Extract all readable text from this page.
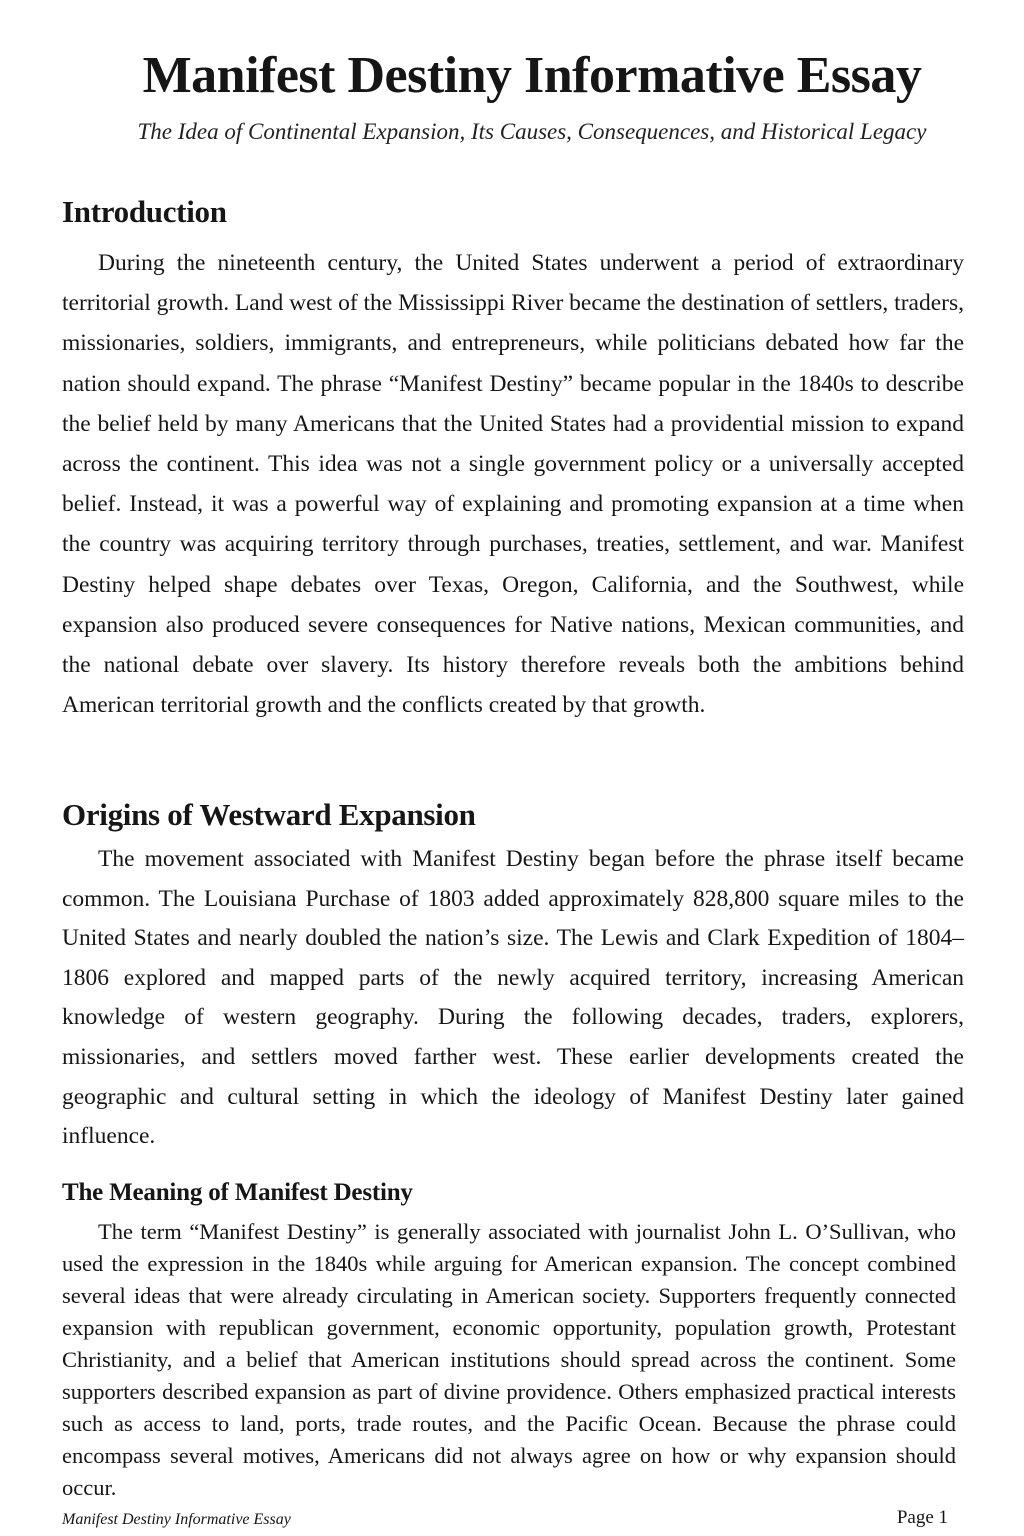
Manifest Destiny Informative Essay

The Idea of Continental Expansion, Its Causes, Consequences, and Historical Legacy

Introduction

During the nineteenth century, the United States underwent a period of extraordinary territorial growth. Land west of the Mississippi River became the destination of settlers, traders, missionaries, soldiers, immigrants, and entrepreneurs, while politicians debated how far the nation should expand. The phrase “Manifest Destiny” became popular in the 1840s to describe the belief held by many Americans that the United States had a providential mission to expand across the continent. This idea was not a single government policy or a universally accepted belief. Instead, it was a powerful way of explaining and promoting expansion at a time when the country was acquiring territory through purchases, treaties, settlement, and war. Manifest Destiny helped shape debates over Texas, Oregon, California, and the Southwest, while expansion also produced severe consequences for Native nations, Mexican communities, and the national debate over slavery. Its history therefore reveals both the ambitions behind American territorial growth and the conflicts created by that growth.

Origins of Westward Expansion

The movement associated with Manifest Destiny began before the phrase itself became common. The Louisiana Purchase of 1803 added approximately 828,800 square miles to the United States and nearly doubled the nation’s size. The Lewis and Clark Expedition of 1804–1806 explored and mapped parts of the newly acquired territory, increasing American knowledge of western geography. During the following decades, traders, explorers, missionaries, and settlers moved farther west. These earlier developments created the geographic and cultural setting in which the ideology of Manifest Destiny later gained influence.

The Meaning of Manifest Destiny

The term “Manifest Destiny” is generally associated with journalist John L. O’Sullivan, who used the expression in the 1840s while arguing for American expansion. The concept combined several ideas that were already circulating in American society. Supporters frequently connected expansion with republican government, economic opportunity, population growth, Protestant Christianity, and a belief that American institutions should spread across the continent. Some supporters described expansion as part of divine providence. Others emphasized practical interests such as access to land, ports, trade routes, and the Pacific Ocean. Because the phrase could encompass several motives, Americans did not always agree on how or why expansion should occur.

Manifest Destiny Informative Essay	Page 1
